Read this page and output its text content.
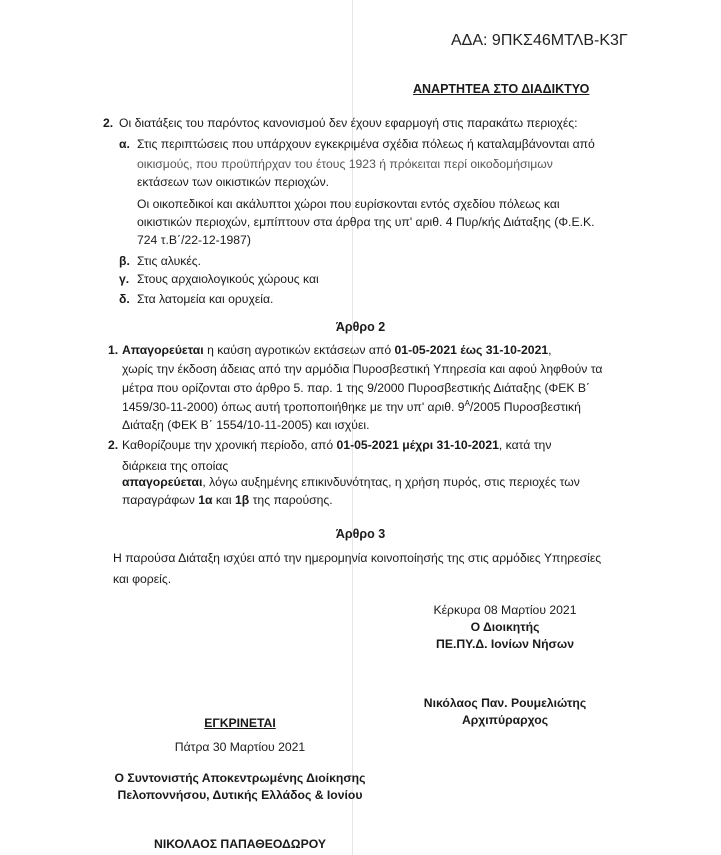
ΑΔΑ: 9ΠΚΣ46ΜΤΛΒ-Κ3Γ
ΑΝΑΡΤΗΤΕΑ ΣΤΟ ΔΙΑΔΙΚΤΥΟ
2. Οι διατάξεις του παρόντος κανονισμού δεν έχουν εφαρμογή στις παρακάτω περιοχές:
α. Στις περιπτώσεις που υπάρχουν εγκεκριμένα σχέδια πόλεως ή καταλαμβάνονται από
οικισμούς, που προϋπήρχαν του έτους 1923 ή πρόκειται περί οικοδομήσιμων
εκτάσεων των οικιστικών περιοχών.
Οι οικοπεδικοί και ακάλυπτοι χώροι που ευρίσκονται εντός σχεδίου πόλεως και
οικιστικών περιοχών, εμπίπτουν στα άρθρα της υπ' αριθ. 4 Πυρ/κής Διάταξης (Φ.Ε.Κ.
724 τ.Β΄/22-12-1987)
β. Στις αλυκές.
γ. Στους αρχαιολογικούς χώρους και
δ. Στα λατομεία και ορυχεία.
Άρθρο 2
1. Απαγορεύεται η καύση αγροτικών εκτάσεων από 01-05-2021 έως 31-10-2021,
χωρίς την έκδοση άδειας από την αρμόδια Πυροσβεστική Υπηρεσία και αφού ληφθούν τα
μέτρα που ορίζονται στο άρθρο 5. παρ. 1 της 9/2000 Πυροσβεστικής Διάταξης (ΦΕΚ Β΄
1459/30-11-2000) όπως αυτή τροποποιήθηκε με την υπ' αριθ. $9^A/2005$ Πυροσβεστική
Διάταξη (ΦΕΚ Β΄ 1554/10-11-2005) και ισχύει.
2. Καθορίζουμε την χρονική περίοδο, από 01-05-2021 μέχρι 31-10-2021, κατά την
διάρκεια της οποίας
απαγορεύεται, λόγω αυξημένης επικινδυνότητας, η χρήση πυρός, στις περιοχές των
παραγράφων 1α και 1β της παρούσης.
Άρθρο 3
Η παρούσα Διάταξη ισχύει από την ημερομηνία κοινοποίησής της στις αρμόδιες Υπηρεσίες
και φορείς.
Κέρκυρα 08 Μαρτίου 2021
Ο Διοικητής
ΠΕ.ΠΥ.Δ. Ιονίων Νήσων
Νικόλαος Παν. Ρουμελιώτης
Αρχιπύραρχος
ΕΓΚΡΙΝΕΤΑΙ
Πάτρα 30 Μαρτίου 2021
Ο Συντονιστής Αποκεντρωμένης Διοίκησης
Πελοποννήσου, Δυτικής Ελλάδος & Ιονίου
ΝΙΚΟΛΑΟΣ ΠΑΠΑΘΕΟΔΩΡΟΥ
